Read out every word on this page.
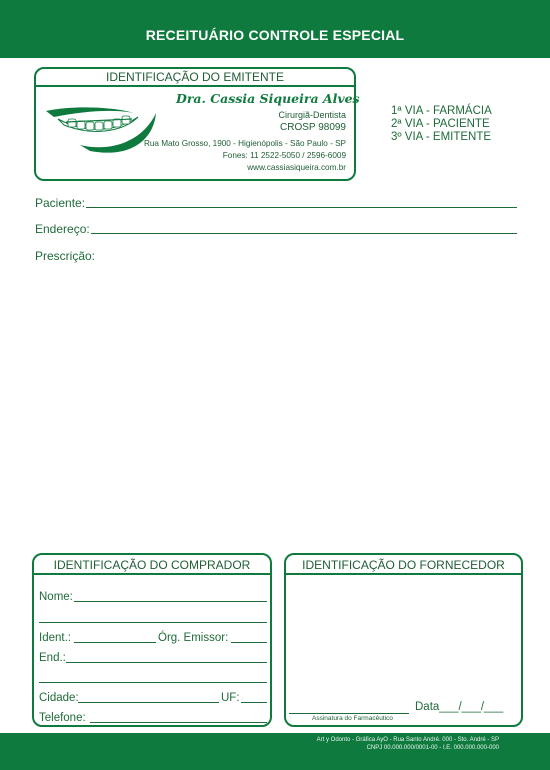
RECEITUÁRIO CONTROLE ESPECIAL
IDENTIFICAÇÃO DO EMITENTE
Dra. Cassia Siqueira Alves
Cirurgiã-Dentista
CROSP 98099
Rua Mato Grosso, 1900 - Higienópolis - São Paulo - SP
Fones: 11 2522-5050 / 2596-6009
www.cassiasiqueira.com.br
1ª VIA - FARMÁCIA
2ª VIA - PACIENTE
3º VIA - EMITENTE
Paciente:
Endereço:
Prescrição:
IDENTIFICAÇÃO DO COMPRADOR
Nome:
Ident.:	Órg. Emissor:
End.:
Cidade:	UF:
Telefone:
IDENTIFICAÇÃO DO FORNECEDOR
Assinatura do Farmacêutico
Data___/___/___
Art y Odonto - Gráfica AyO - Rua Santo André. 000 - Sto. André - SP
CNPJ 00.000.000/0001-00 - I.E. 000.000.000-000
